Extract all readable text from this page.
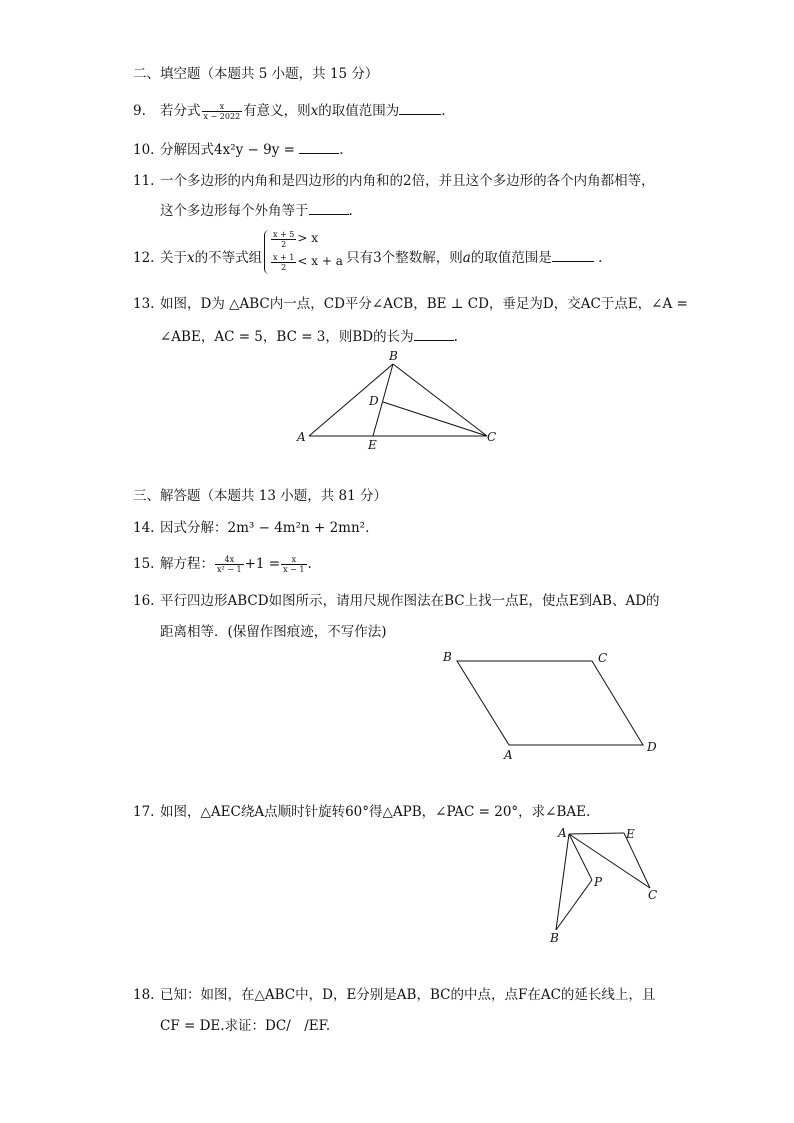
二、填空题（本题共 5 小题，共 15 分）
9. 若分式 $\frac{x}{x - 2022}$ 有意义，则x的取值范围为	.
10. 分解因式4x²y − 9y =	.
11. 一个多边形的内角和是四边形的内角和的2倍，并且这个多边形的各个内角都相等，
这个多边形每个外角等于	.
12. 关于x的不等式组	只有3个整数解，则a的取值范围是	.
$\frac{x + 5}{2} > x$
$\frac{x + 1}{2} < x + a$
13. 如图，D为 △ABC内一点，CD平分∠ACB，BE ⊥ CD，垂足为D，交AC于点E，∠A =
∠ABE，AC = 5，BC = 3，则BD的长为	.
B
D
A
E
C
三、解答题（本题共 13 小题，共 81 分）
14. 因式分解：2m³ − 4m²n + 2mn².
15. 解方程： $\frac{4x}{\text{x² − 1}} +1 = \frac{x}{x - 1}$ .
16. 平行四边形ABCD如图所示，请用尺规作图法在BC上找一点E，使点E到AB、AD的
距离相等．(保留作图痕迹，不写作法)
B	C
A
D
17. 如图，△AEC绕A点顺时针旋转60°得△APB，∠PAC = 20°，求∠BAE.
A	E
P
C
B
18. 已知：如图，在△ABC中，D，E分别是AB，BC的中点，点F在AC的延长线上，且
CF = DE.求证：DC/　/EF.
